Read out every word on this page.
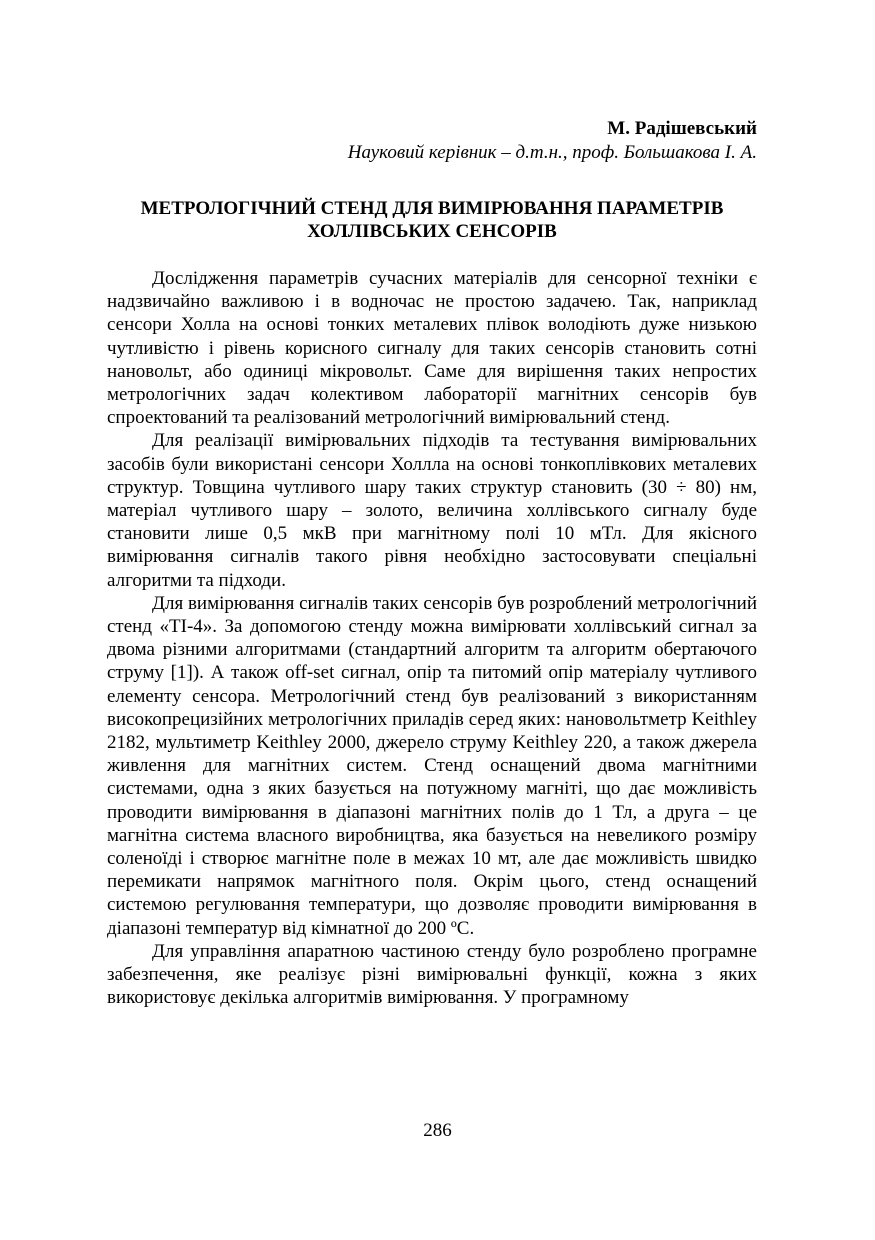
М. Радішевський

Науковий керівник – д.т.н., проф. Большакова І. А.

МЕТРОЛОГІЧНИЙ СТЕНД ДЛЯ ВИМІРЮВАННЯ ПАРАМЕТРІВ
ХОЛЛІВСЬКИХ СЕНСОРІВ

Дослідження параметрів сучасних матеріалів для сенсорної техніки є надзвичайно важливою і в водночас не простою задачею. Так, наприклад сенсори Холла на основі тонких металевих плівок володіють дуже низькою чутливістю і рівень корисного сигналу для таких сенсорів становить сотні нановольт, або одиниці мікровольт. Саме для вирішення таких непростих метрологічних задач колективом лабораторії магнітних сенсорів був спроектований та реалізований метрологічний вимірювальний стенд.

Для реалізації вимірювальних підходів та тестування вимірювальних засобів були використані сенсори Холлла на основі тонкоплівкових металевих структур. Товщина чутливого шару таких структур становить (30 ÷ 80) нм, матеріал чутливого шару – золото, величина холлівського сигналу буде становити лише 0,5 мкВ при магнітному полі 10 мТл. Для якісного вимірювання сигналів такого рівня необхідно застосовувати спеціальні алгоритми та підходи.

Для вимірювання сигналів таких сенсорів був розроблений метрологічний стенд «ТІ-4». За допомогою стенду можна вимірювати холлівський сигнал за двома різними алгоритмами (стандартний алгоритм та алгоритм обертаючого струму [1]). А також off-set сигнал, опір та питомий опір матеріалу чутливого елементу сенсора. Метрологічний стенд був реалізований з використанням високопрецизійних метрологічних приладів серед яких: нановольтметр Keithley 2182, мультиметр Keithley 2000, джерело струму Keithley 220, а також джерела живлення для магнітних систем. Стенд оснащений двома магнітними системами, одна з яких базується на потужному магніті, що дає можливість проводити вимірювання в діапазоні магнітних полів до 1 Тл, а друга – це магнітна система власного виробництва, яка базується на невеликого розміру соленоїді і створює магнітне поле в межах 10 мт, але дає можливість швидко перемикати напрямок магнітного поля. Окрім цього, стенд оснащений системою регулювання температури, що дозволяє проводити вимірювання в діапазоні температур від кімнатної до 200 ºС.

Для управління апаратною частиною стенду було розроблено програмне забезпечення, яке реалізує різні вимірювальні функції, кожна з яких використовує декілька алгоритмів вимірювання. У програмному

286
